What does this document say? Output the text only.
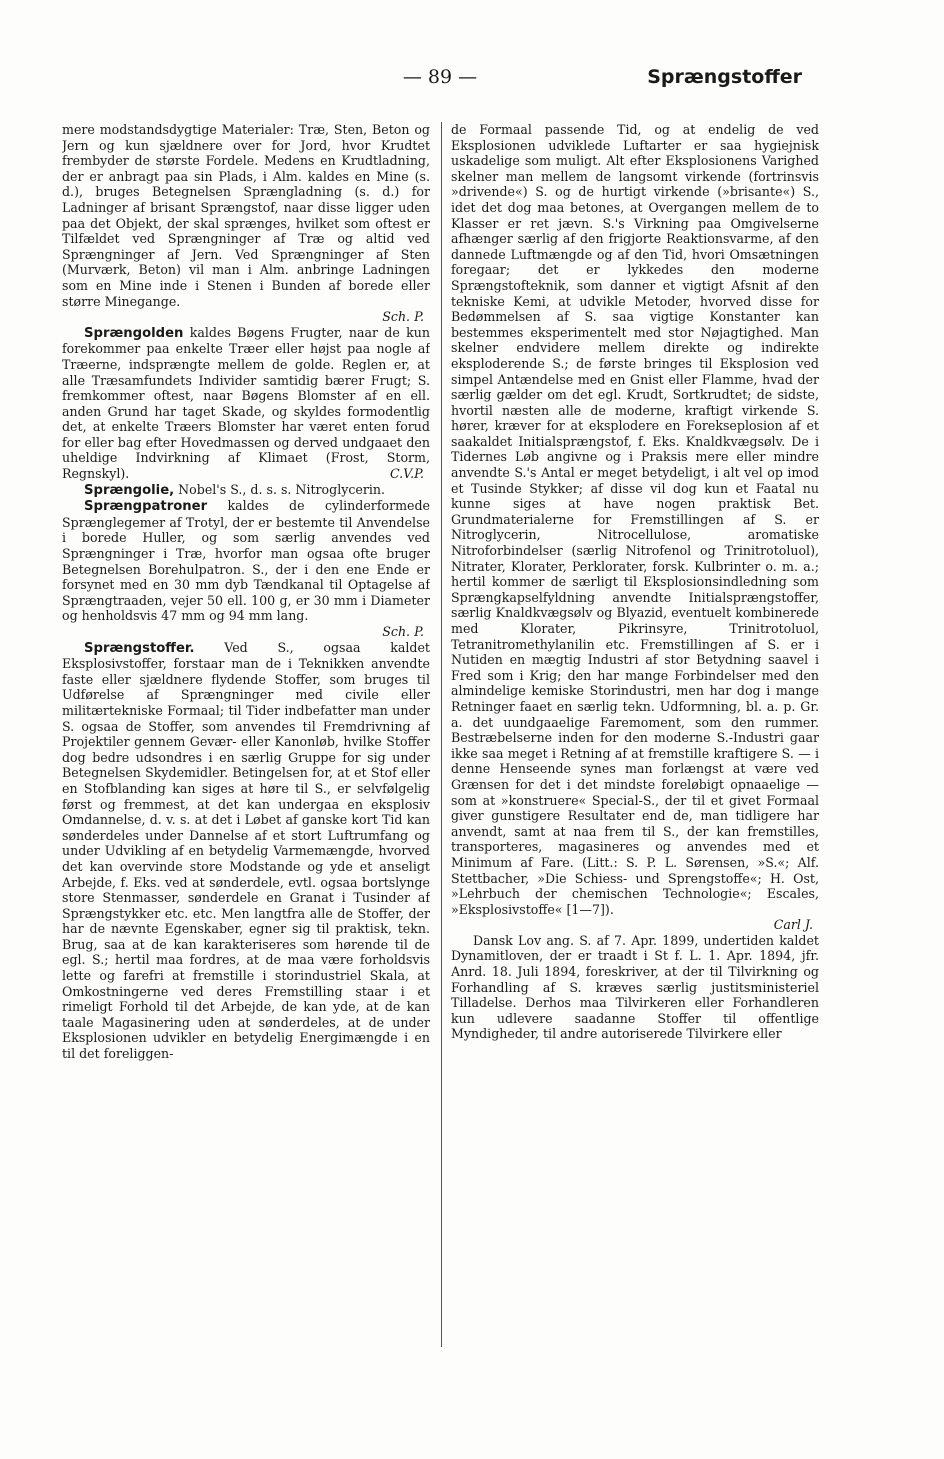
— 89 —	Sprængstoffer

mere modstandsdygtige Materialer: Træ, Sten, Beton og Jern og kun sjældnere over for Jord, hvor Krudtet frembyder de største Fordele. Medens en Krudtladning, der er anbragt paa sin Plads, i Alm. kaldes en Mine (s. d.), bruges Betegnelsen Sprængladning (s. d.) for Ladninger af brisant Sprængstof, naar disse ligger uden paa det Objekt, der skal sprænges, hvilket som oftest er Tilfældet ved Sprængninger af Træ og altid ved Sprængninger af Jern. Ved Sprængninger af Sten (Murværk, Beton) vil man i Alm. anbringe Ladningen som en Mine inde i Stenen i Bunden af borede eller større Minegange.

Sch. P.

Sprængolden kaldes Bøgens Frugter, naar de kun forekommer paa enkelte Træer eller højst paa nogle af Træerne, indsprængte mellem de golde. Reglen er, at alle Træsamfundets Individer samtidig bærer Frugt; S. fremkommer oftest, naar Bøgens Blomster af en ell. anden Grund har taget Skade, og skyldes formodentlig det, at enkelte Træers Blomster har været enten forud for eller bag efter Hovedmassen og derved undgaaet den uheldige Indvirkning af Klimaet (Frost, Storm, Regnskyl).	C.V.P.

Sprængolie, Nobel's S., d. s. s. Nitroglycerin.

Sprængpatroner kaldes de cylinderformede Sprænglegemer af Trotyl, der er bestemte til Anvendelse i borede Huller, og som særlig anvendes ved Sprængninger i Træ, hvorfor man ogsaa ofte bruger Betegnelsen Borehulpatron. S., der i den ene Ende er forsynet med en 30 mm dyb Tændkanal til Optagelse af Sprængtraaden, vejer 50 ell. 100 g, er 30 mm i Diameter og henholdsvis 47 mm og 94 mm lang.

Sch. P.

Sprængstoffer. Ved S., ogsaa kaldet Eksplosivstoffer, forstaar man de i Teknikken anvendte faste eller sjældnere flydende Stoffer, som bruges til Udførelse af Sprængninger med civile eller militærtekniske Formaal; til Tider indbefatter man under S. ogsaa de Stoffer, som anvendes til Fremdrivning af Projektiler gennem Gevær- eller Kanonløb, hvilke Stoffer dog bedre udsondres i en særlig Gruppe for sig under Betegnelsen Skydemidler. Betingelsen for, at et Stof eller en Stofblanding kan siges at høre til S., er selvfølgelig først og fremmest, at det kan undergaa en eksplosiv Omdannelse, d. v. s. at det i Løbet af ganske kort Tid kan sønderdeles under Dannelse af et stort Luftrumfang og under Udvikling af en betydelig Varmemængde, hvorved det kan overvinde store Modstande og yde et anseligt Arbejde, f. Eks. ved at sønderdele, evtl. ogsaa bortslynge store Stenmasser, sønderdele en Granat i Tusinder af Sprængstykker etc. etc. Men langtfra alle de Stoffer, der har de nævnte Egenskaber, egner sig til praktisk, tekn. Brug, saa at de kan karakteriseres som hørende til de egl. S.; hertil maa fordres, at de maa være forholdsvis lette og farefri at fremstille i storindustriel Skala, at Omkostningerne ved deres Fremstilling staar i et rimeligt Forhold til det Arbejde, de kan yde, at de kan taale Magasinering uden at sønderdeles, at de under Eksplosionen udvikler en betydelig Energimængde i en til det foreliggen-

de Formaal passende Tid, og at endelig de ved Eksplosionen udviklede Luftarter er saa hygiejnisk uskadelige som muligt. Alt efter Eksplosionens Varighed skelner man mellem de langsomt virkende (fortrinsvis »drivende«) S. og de hurtigt virkende (»brisante«) S., idet det dog maa betones, at Overgangen mellem de to Klasser er ret jævn. S.'s Virkning paa Omgivelserne afhænger særlig af den frigjorte Reaktionsvarme, af den dannede Luftmængde og af den Tid, hvori Omsætningen foregaar; det er lykkedes den moderne Sprængstofteknik, som danner et vigtigt Afsnit af den tekniske Kemi, at udvikle Metoder, hvorved disse for Bedømmelsen af S. saa vigtige Konstanter kan bestemmes eksperimentelt med stor Nøjagtighed. Man skelner endvidere mellem direkte og indirekte eksploderende S.; de første bringes til Eksplosion ved simpel Antændelse med en Gnist eller Flamme, hvad der særlig gælder om det egl. Krudt, Sortkrudtet; de sidste, hvortil næsten alle de moderne, kraftigt virkende S. hører, kræver for at eksplodere en Forekseplosion af et saakaldet Initialsprængstof, f. Eks. Knaldkvægsølv. De i Tidernes Løb angivne og i Praksis mere eller mindre anvendte S.'s Antal er meget betydeligt, i alt vel op imod et Tusinde Stykker; af disse vil dog kun et Faatal nu kunne siges at have nogen praktisk Bet. Grundmaterialerne for Fremstillingen af S. er Nitroglycerin, Nitrocellulose, aromatiske Nitroforbindelser (særlig Nitrofenol og Trinitrotoluol), Nitrater, Klorater, Perklorater, forsk. Kulbrinter o. m. a.; hertil kommer de særligt til Eksplosionsindledning som Sprængkapselfyldning anvendte Initialsprængstoffer, særlig Knaldkvægsølv og Blyazid, eventuelt kombinerede med Klorater, Pikrinsyre, Trinitrotoluol, Tetranitromethylanilin etc. Fremstillingen af S. er i Nutiden en mægtig Industri af stor Betydning saavel i Fred som i Krig; den har mange Forbindelser med den almindelige kemiske Storindustri, men har dog i mange Retninger faaet en særlig tekn. Udformning, bl. a. p. Gr. a. det uundgaaelige Faremoment, som den rummer. Bestræbelserne inden for den moderne S.-Industri gaar ikke saa meget i Retning af at fremstille kraftigere S. — i denne Henseende synes man forlængst at være ved Grænsen for det i det mindste foreløbigt opnaaelige — som at »konstruere« Special-S., der til et givet Formaal giver gunstigere Resultater end de, man tidligere har anvendt, samt at naa frem til S., der kan fremstilles, transporteres, magasineres og anvendes med et Minimum af Fare. (Litt.: S. P. L. Sørensen, »S.«; Alf. Stettbacher, »Die Schiess- und Sprengstoffe«; H. Ost, »Lehrbuch der chemischen Technologie«; Escales, »Eksplosivstoffe« [1—7]).

Carl J.

Dansk Lov ang. S. af 7. Apr. 1899, undertiden kaldet Dynamitloven, der er traadt i St f. L. 1. Apr. 1894, jfr. Anrd. 18. Juli 1894, foreskriver, at der til Tilvirkning og Forhandling af S. kræves særlig justitsministeriel Tilladelse. Derhos maa Tilvirkeren eller Forhandleren kun udlevere saadanne Stoffer til offentlige Myndigheder, til andre autoriserede Tilvirkere eller
